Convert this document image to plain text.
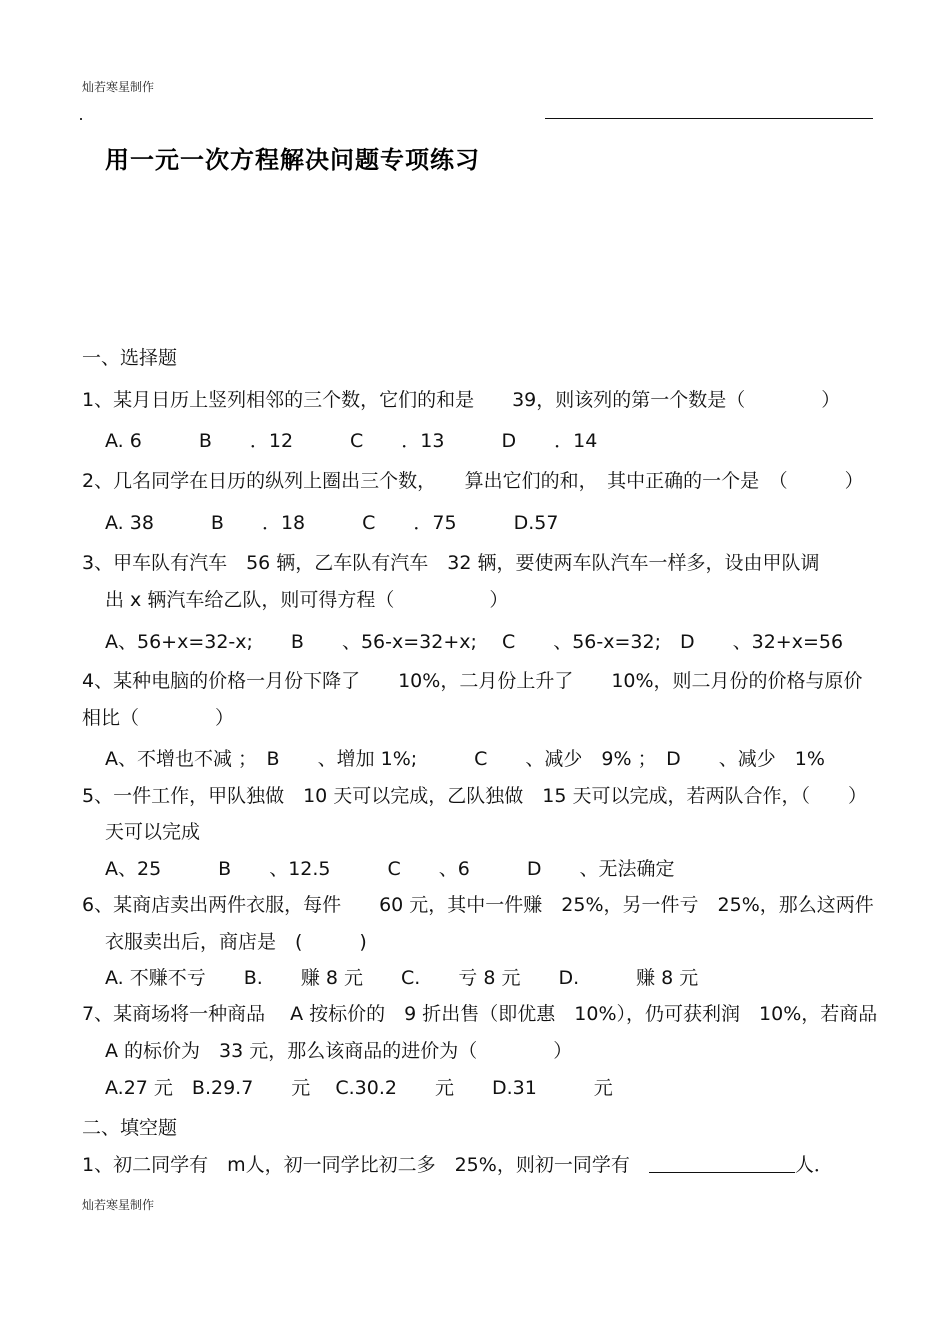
灿若寒星制作
用一元一次方程解决问题专项练习
一、选择题
1、某月日历上竖列相邻的三个数，它们的和是　　39，则该列的第一个数是（　　　　）
A. 6　　　B　　．12　　　C　　．13　　　D　　．14
2、几名同学在日历的纵列上圈出三个数，　　算出它们的和，　其中正确的一个是　（　　　）
A. 38　　　B　　．18　　　C　　．75　　　D.57
3、甲车队有汽车　56 辆，乙车队有汽车　32 辆，要使两车队汽车一样多，设由甲队调
出 x 辆汽车给乙队，则可得方程（　　　　　）
A、56+x=32-x;　　B　　、56-x=32+x;　 C　　、56-x=32;　D　　、32+x=56
4、某种电脑的价格一月份下降了　　10%，二月份上升了　　10%，则二月份的价格与原价
相比（　　　　）
A、不增也不减 ；　B　　、增加 1%;　　　C　　、减少　9% ；　D　　、减少　1%
5、一件工作，甲队独做　10 天可以完成，乙队独做　15 天可以完成，若两队合作，（　　）
天可以完成
A、25　　　B　　、12.5　　　C　　、6　　　D　　、无法确定
6、某商店卖出两件衣服，每件　　60 元，其中一件赚　25%，另一件亏　25%，那么这两件
衣服卖出后，商店是　(　　　)
A. 不赚不亏　　B.　　赚 8 元　　C.　　亏 8 元　　D.　　　赚 8 元
7、某商场将一种商品　 A 按标价的　9 折出售（即优惠　10%），仍可获利润　10%，若商品
A 的标价为　33 元，那么该商品的进价为（　　　　）
A.27 元　B.29.7　　元　 C.30.2　　元　　D.31　　　元
二、填空题
1、初二同学有　m人，初一同学比初二多　25%，则初一同学有　	人．
灿若寒星制作
